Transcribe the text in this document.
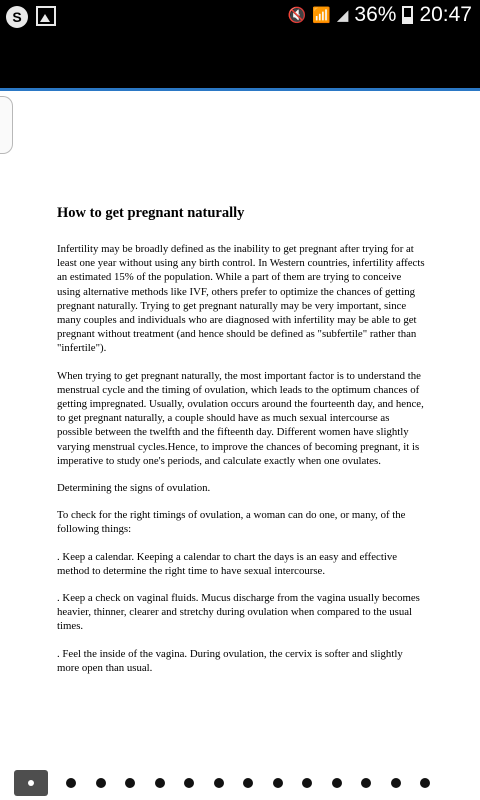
S	🔇 📶 ◢ 36% 20:47
How to get pregnant naturally

Infertility may be broadly defined as the inability to get pregnant after trying for at least one year without using any birth control. In Western countries, infertility affects an estimated 15% of the population. While a part of them are trying to conceive using alternative methods like IVF, others prefer to optimize the chances of getting pregnant naturally. Trying to get pregnant naturally may be very important, since many couples and individuals who are diagnosed with infertility may be able to get pregnant without treatment (and hence should be defined as "subfertile" rather than "infertile").

When trying to get pregnant naturally, the most important factor is to understand the menstrual cycle and the timing of ovulation, which leads to the optimum chances of getting impregnated. Usually, ovulation occurs around the fourteenth day, and hence, to get pregnant naturally, a couple should have as much sexual intercourse as possible between the twelfth and the fifteenth day. Different women have slightly varying menstrual cycles.Hence, to improve the chances of becoming pregnant, it is imperative to study one's periods, and calculate exactly when one ovulates.

Determining the signs of ovulation.

To check for the right timings of ovulation, a woman can do one, or many, of the following things:

. Keep a calendar. Keeping a calendar to chart the days is an easy and effective method to determine the right time to have sexual intercourse.

. Keep a check on vaginal fluids. Mucus discharge from the vagina usually becomes heavier, thinner, clearer and stretchy during ovulation when compared to the usual times.

. Feel the inside of the vagina. During ovulation, the cervix is softer and slightly more open than usual.
